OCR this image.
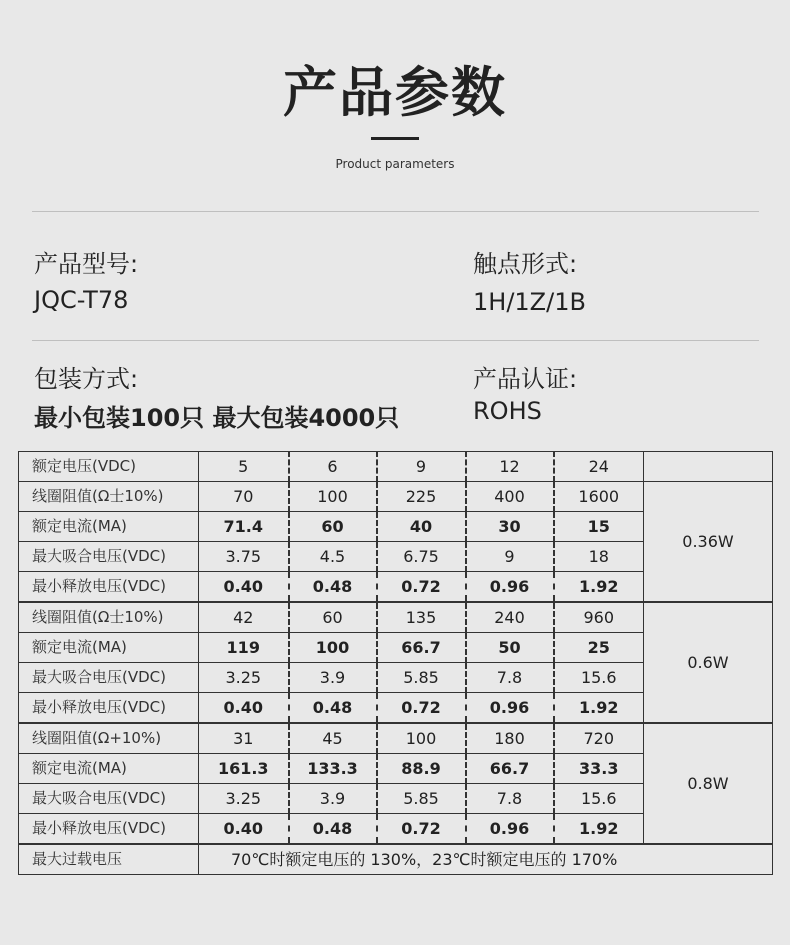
产品参数
Product parameters
产品型号:
JQC-T78
触点形式:
1H/1Z/1B
包装方式:
最小包装100只 最大包装4000只
产品认证:
ROHS
额定电压(VDC)	5	6	9	12	24	
线圈阻值(Ω士10%)	70	100	225	400	1600	0.36W
额定电流(MA)	71.4	60	40	30	15	
最大吸合电压(VDC)	3.75	4.5	6.75	9	18	
最小释放电压(VDC)	0.40	0.48	0.72	0.96	1.92	
线圈阻值(Ω士10%)	42	60	135	240	960	0.6W
额定电流(MA)	119	100	66.7	50	25	
最大吸合电压(VDC)	3.25	3.9	5.85	7.8	15.6	
最小释放电压(VDC)	0.40	0.48	0.72	0.96	1.92	
线圈阻值(Ω+10%)	31	45	100	180	720	0.8W
额定电流(MA)	161.3	133.3	88.9	66.7	33.3	
最大吸合电压(VDC)	3.25	3.9	5.85	7.8	15.6	
最小释放电压(VDC)	0.40	0.48	0.72	0.96	1.92	
最大过载电压	70℃时额定电压的 130%，23℃时额定电压的 170%					
